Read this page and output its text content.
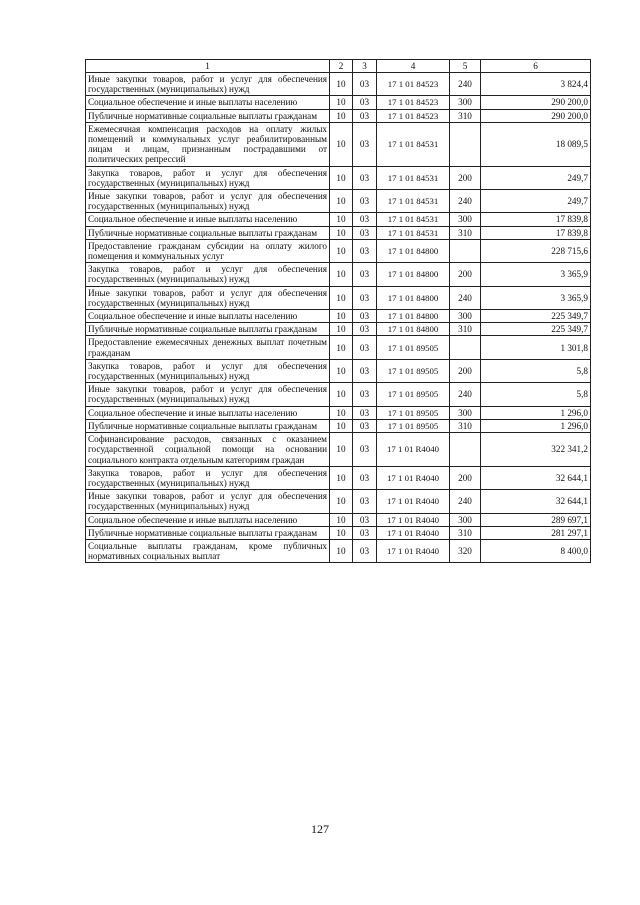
1	2	3	4	5	6
Иные закупки товаров, работ и услуг для обеспечения государственных (муниципальных) нужд	10	03	17 1 01 84523	240	3 824,4
Социальное обеспечение и иные выплаты населению	10	03	17 1 01 84523	300	290 200,0
Публичные нормативные социальные выплаты гражданам	10	03	17 1 01 84523	310	290 200,0
Ежемесячная компенсация расходов на оплату жилых помещений и коммунальных услуг реабилитированным лицам и лицам, признанным пострадавшими от политических репрессий	10	03	17 1 01 84531		18 089,5
Закупка товаров, работ и услуг для обеспечения государственных (муниципальных) нужд	10	03	17 1 01 84531	200	249,7
Иные закупки товаров, работ и услуг для обеспечения государственных (муниципальных) нужд	10	03	17 1 01 84531	240	249,7
Социальное обеспечение и иные выплаты населению	10	03	17 1 01 84531	300	17 839,8
Публичные нормативные социальные выплаты гражданам	10	03	17 1 01 84531	310	17 839,8
Предоставление гражданам субсидии на оплату жилого помещения и коммунальных услуг	10	03	17 1 01 84800		228 715,6
Закупка товаров, работ и услуг для обеспечения государственных (муниципальных) нужд	10	03	17 1 01 84800	200	3 365,9
Иные закупки товаров, работ и услуг для обеспечения государственных (муниципальных) нужд	10	03	17 1 01 84800	240	3 365,9
Социальное обеспечение и иные выплаты населению	10	03	17 1 01 84800	300	225 349,7
Публичные нормативные социальные выплаты гражданам	10	03	17 1 01 84800	310	225 349,7
Предоставление ежемесячных денежных выплат почетным гражданам	10	03	17 1 01 89505		1 301,8
Закупка товаров, работ и услуг для обеспечения государственных (муниципальных) нужд	10	03	17 1 01 89505	200	5,8
Иные закупки товаров, работ и услуг для обеспечения государственных (муниципальных) нужд	10	03	17 1 01 89505	240	5,8
Социальное обеспечение и иные выплаты населению	10	03	17 1 01 89505	300	1 296,0
Публичные нормативные социальные выплаты гражданам	10	03	17 1 01 89505	310	1 296,0
Софинансирование расходов, связанных с оказанием государственной социальной помощи на основании социального контракта отдельным категориям граждан	10	03	17 1 01 R4040		322 341,2
Закупка товаров, работ и услуг для обеспечения государственных (муниципальных) нужд	10	03	17 1 01 R4040	200	32 644,1
Иные закупки товаров, работ и услуг для обеспечения государственных (муниципальных) нужд	10	03	17 1 01 R4040	240	32 644,1
Социальное обеспечение и иные выплаты населению	10	03	17 1 01 R4040	300	289 697,1
Публичные нормативные социальные выплаты гражданам	10	03	17 1 01 R4040	310	281 297,1
Социальные выплаты гражданам, кроме публичных нормативных социальных выплат	10	03	17 1 01 R4040	320	8 400,0
127
